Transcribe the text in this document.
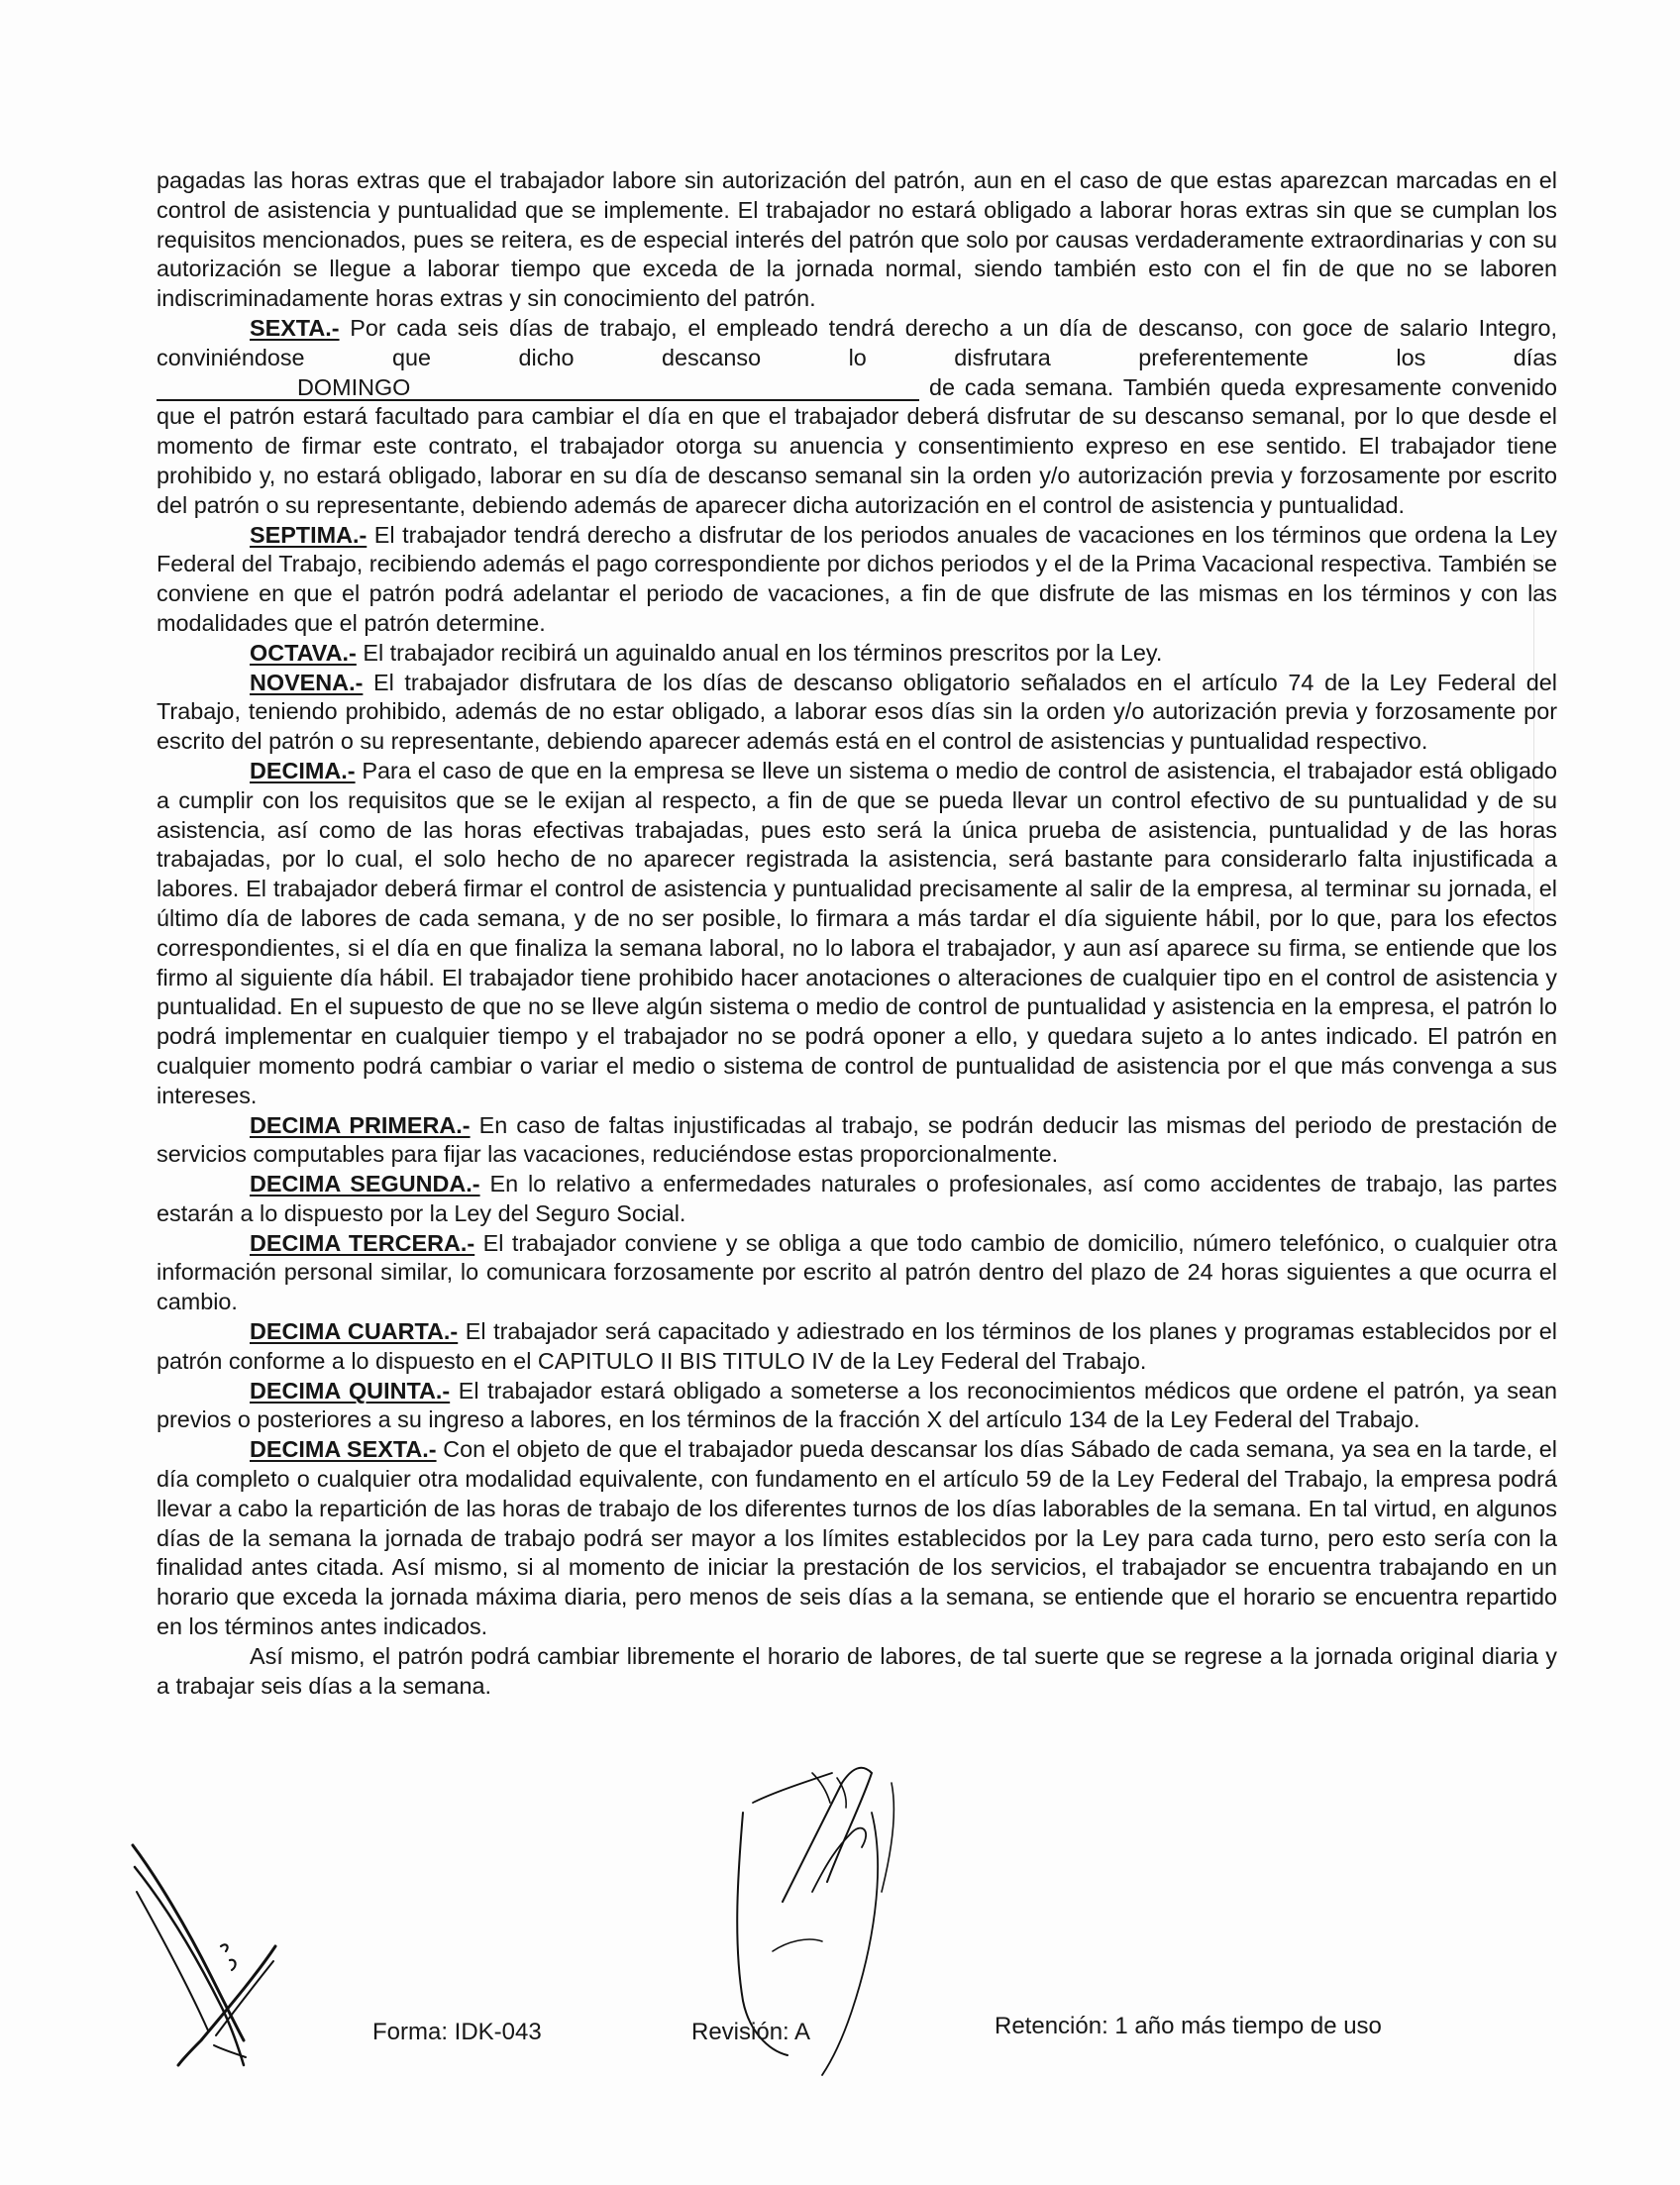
pagadas las horas extras que el trabajador labore sin autorización del patrón, aun en el caso de que estas aparezcan marcadas en el control de asistencia y puntualidad que se implemente. El trabajador no estará obligado a laborar horas extras sin que se cumplan los requisitos mencionados, pues se reitera, es de especial interés del patrón que solo por causas verdaderamente extraordinarias y con su autorización se llegue a laborar tiempo que exceda de la jornada normal, siendo también esto con el fin de que no se laboren indiscriminadamente horas extras y sin conocimiento del patrón.

SEXTA.- Por cada seis días de trabajo, el empleado tendrá derecho a un día de descanso, con goce de salario Integro, conviniéndose que dicho descanso lo disfrutara preferentemente los días DOMINGO	de cada semana. También queda expresamente convenido que el patrón estará facultado para cambiar el día en que el trabajador deberá disfrutar de su descanso semanal, por lo que desde el momento de firmar este contrato, el trabajador otorga su anuencia y consentimiento expreso en ese sentido. El trabajador tiene prohibido y, no estará obligado, laborar en su día de descanso semanal sin la orden y/o autorización previa y forzosamente por escrito del patrón o su representante, debiendo además de aparecer dicha autorización en el control de asistencia y puntualidad.

SEPTIMA.- El trabajador tendrá derecho a disfrutar de los periodos anuales de vacaciones en los términos que ordena la Ley Federal del Trabajo, recibiendo además el pago correspondiente por dichos periodos y el de la Prima Vacacional respectiva. También se conviene en que el patrón podrá adelantar el periodo de vacaciones, a fin de que disfrute de las mismas en los términos y con las modalidades que el patrón determine.

OCTAVA.- El trabajador recibirá un aguinaldo anual en los términos prescritos por la Ley.

NOVENA.- El trabajador disfrutara de los días de descanso obligatorio señalados en el artículo 74 de la Ley Federal del Trabajo, teniendo prohibido, además de no estar obligado, a laborar esos días sin la orden y/o autorización previa y forzosamente por escrito del patrón o su representante, debiendo aparecer además está en el control de asistencias y puntualidad respectivo.

DECIMA.- Para el caso de que en la empresa se lleve un sistema o medio de control de asistencia, el trabajador está obligado a cumplir con los requisitos que se le exijan al respecto, a fin de que se pueda llevar un control efectivo de su puntualidad y de su asistencia, así como de las horas efectivas trabajadas, pues esto será la única prueba de asistencia, puntualidad y de las horas trabajadas, por lo cual, el solo hecho de no aparecer registrada la asistencia, será bastante para considerarlo falta injustificada a labores. El trabajador deberá firmar el control de asistencia y puntualidad precisamente al salir de la empresa, al terminar su jornada, el último día de labores de cada semana, y de no ser posible, lo firmara a más tardar el día siguiente hábil, por lo que, para los efectos correspondientes, si el día en que finaliza la semana laboral, no lo labora el trabajador, y aun así aparece su firma, se entiende que los firmo al siguiente día hábil. El trabajador tiene prohibido hacer anotaciones o alteraciones de cualquier tipo en el control de asistencia y puntualidad. En el supuesto de que no se lleve algún sistema o medio de control de puntualidad y asistencia en la empresa, el patrón lo podrá implementar en cualquier tiempo y el trabajador no se podrá oponer a ello, y quedara sujeto a lo antes indicado. El patrón en cualquier momento podrá cambiar o variar el medio o sistema de control de puntualidad de asistencia por el que más convenga a sus intereses.

DECIMA PRIMERA.- En caso de faltas injustificadas al trabajo, se podrán deducir las mismas del periodo de prestación de servicios computables para fijar las vacaciones, reduciéndose estas proporcionalmente.

DECIMA SEGUNDA.- En lo relativo a enfermedades naturales o profesionales, así como accidentes de trabajo, las partes estarán a lo dispuesto por la Ley del Seguro Social.

DECIMA TERCERA.- El trabajador conviene y se obliga a que todo cambio de domicilio, número telefónico, o cualquier otra información personal similar, lo comunicara forzosamente por escrito al patrón dentro del plazo de 24 horas siguientes a que ocurra el cambio.

DECIMA CUARTA.- El trabajador será capacitado y adiestrado en los términos de los planes y programas establecidos por el patrón conforme a lo dispuesto en el CAPITULO II BIS TITULO IV de la Ley Federal del Trabajo.

DECIMA QUINTA.- El trabajador estará obligado a someterse a los reconocimientos médicos que ordene el patrón, ya sean previos o posteriores a su ingreso a labores, en los términos de la fracción X del artículo 134 de la Ley Federal del Trabajo.

DECIMA SEXTA.- Con el objeto de que el trabajador pueda descansar los días Sábado de cada semana, ya sea en la tarde, el día completo o cualquier otra modalidad equivalente, con fundamento en el artículo 59 de la Ley Federal del Trabajo, la empresa podrá llevar a cabo la repartición de las horas de trabajo de los diferentes turnos de los días laborables de la semana. En tal virtud, en algunos días de la semana la jornada de trabajo podrá ser mayor a los límites establecidos por la Ley para cada turno, pero esto sería con la finalidad antes citada. Así mismo, si al momento de iniciar la prestación de los servicios, el trabajador se encuentra trabajando en un horario que exceda la jornada máxima diaria, pero menos de seis días a la semana, se entiende que el horario se encuentra repartido en los términos antes indicados.

Así mismo, el patrón podrá cambiar libremente el horario de labores, de tal suerte que se regrese a la jornada original diaria y a trabajar seis días a la semana.

Forma: IDK-043	Revisión: A	Retención: 1 año más tiempo de uso
